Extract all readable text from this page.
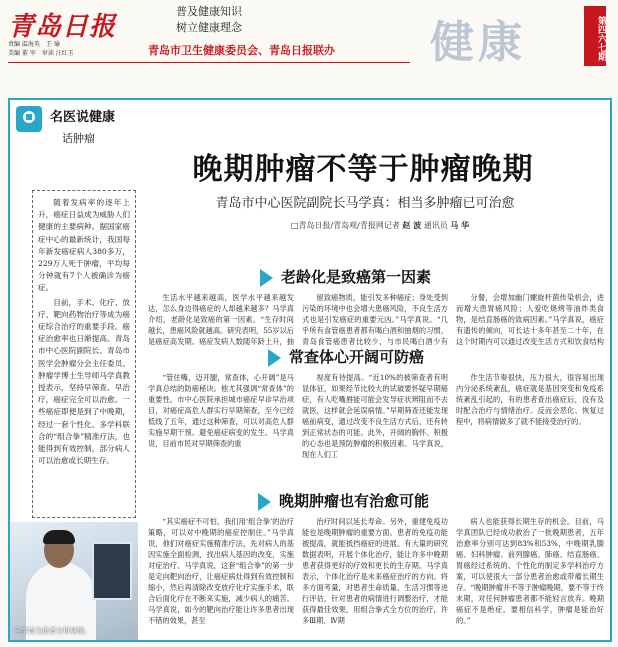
青岛日报
责编 温海英　王 瑜
美编 董 军　审读 汪红玉
普及健康知识
树立健康理念
青岛市卫生健康委员会、青岛日报联办 健康	第四六七期
名医说健康
话肿瘤
晚期肿瘤不等于肿瘤晚期
青岛市中心医院副院长马学真：相当多肿瘤已可治愈
□青岛日报/青岛观/青报网记者 赵 波 通讯员 马 华

随着发病率的逐年上升，癌症日益成为威胁人们健康的主要病种。据国家癌症中心的最新统计，我国每年新发癌症病人380多万，229万人死于肿瘤，平均每分钟就有7个人被确诊为癌症。

目前，手术、化疗、放疗、靶向药物治疗等成为癌症综合治疗的重要手段。癌症治愈率也日渐提高。青岛市中心医院副院长、青岛市医学会肿瘤分会主任委员、肿瘤学博士生导师马学真教授表示，坚持早筛查、早治疗，癌症完全可以治愈。一些癌症即便是到了中晚期，经过一套个性化、多学科联合的“组合拳”精准疗法，也能得到有效控制，部分病人可以治愈或长期生存。

马学真为患者分析病情。
老龄化是致癌第一因素

生活水平越来越高，医学水平越来越发达，怎么身边得癌症的人却越来越多？马学真介绍，老龄化是致癌的第一因素。“生存时间越长，患癌风险就越高。研究表明，55岁以后是癌症高发期。癌症发病人数随年龄上升，抽

留致癌物质，能引发多种癌症；身处受到污染的环境中也会增大患癌风险，不良生活方式也是引发癌症的重要元凶。”马学真说。“几乎所有食管癌患者都有喝白酒和抽烟的习惯，青岛食管癌患者比较少，与市民喝白酒少有

分餐，会增加幽门螺旋杆菌传染机会，进而增大患胃癌风险；人爱吃烧烤等油炸类食物，是结直肠癌的致病因素。”马学真说，癌症有遗传的倾向，可长达十多年甚至二十年，在这个时期内可以通过改变生活方式和饮食结构

常查体心开阔可防癌

“管住嘴，迈开腿，常查体，心开阔”是马学真总结的防癌秘诀。他尤其强调“常查体”的重要性。市中心医院承担城市癌症早诊早治项目，对癌症高危人群实行早期筛查，至今已经低线了五年，通过这种筛查，可以对高危人群实施早期干预。避免癌症病变的发生。马学真说，目前市民对早期筛查的重

视度有待提高。“近10%的被筛查者有明显体征，如果经节比较大的试破要怀疑早期癌症，有人吃嘴唇能可能会发导症状辨阻而不去就医，这样就会延误病情。”早期筛查还能发现癌前病变，通过改变不良生活方式后，还有转到正常状态的可能。此外，开阔的胸怀、积极的心态也是预防肿瘤的积极因素。马学真说，现在人们工

作生活节奏很快，压力很大，很容易出现内分泌系统紊乱，癌症就是基因突变和免疫系统紊乱引起的，有的患者查出癌症后，没有及时配合治疗与情绪治疗。反而会恶化、恢复过程中，将病情做多了就不能接受治疗的。

晚期肿瘤也有治愈可能

“其实癌症不可怕，我们用‘组合拳’的治疗策略，可以对中晚期的癌症控制住。”马学真说，他们对癌症实施精准疗法，先对病人的基因实施全面检测，找出病人基因的改变，实施对症治疗。马学真说，这套“组合拳”的第一步是定向靶向治疗，让癌症病灶得到有效控制和缩小，然后再清除改变放疗化疗实施手术，联合后面化疗在不断来实施，减少病人的痛苦。马学真说，如今的靶向治疗能让许多患者出现不错的效果，甚至

治疗时间以延长寿命。另外，重建免疫功能也是晚期肿瘤的重要方面。患者的免疫功能被提高，就能抵挡癌症的进展。有大量的研究数据表明，开展个体化治疗，能让许多中晚期患者获得更好的疗效和更长的生存期。马学真表示，个体化治疗是未来癌症治疗的方向。将多方面考量，对患者生命质量、生活习惯等进行评估，针对患者的病情进行调整治疗，才能获得最佳效果，用组合拳式全方位的治疗，许多Ⅲ期、Ⅳ期

病人也能获得长期生存的机会。目前，马学真团队已经成功救治了一批晚期患者，五年治愈率分别可达到83%和53%，中晚期乳腺癌、妇科肿瘤、前列腺癌、肺癌、结直肠癌、胃癌经过系统的、个性化的制定多学科治疗方案，可以使很大一部分患者治愈或带瘤长期生存。“晚期肿瘤并不等于肿瘤晚期，要不等于终末期，对任何肿瘤患者都不能轻言放弃。晚期癌症不是绝症，要相信科学，肿瘤是能治好的。”
